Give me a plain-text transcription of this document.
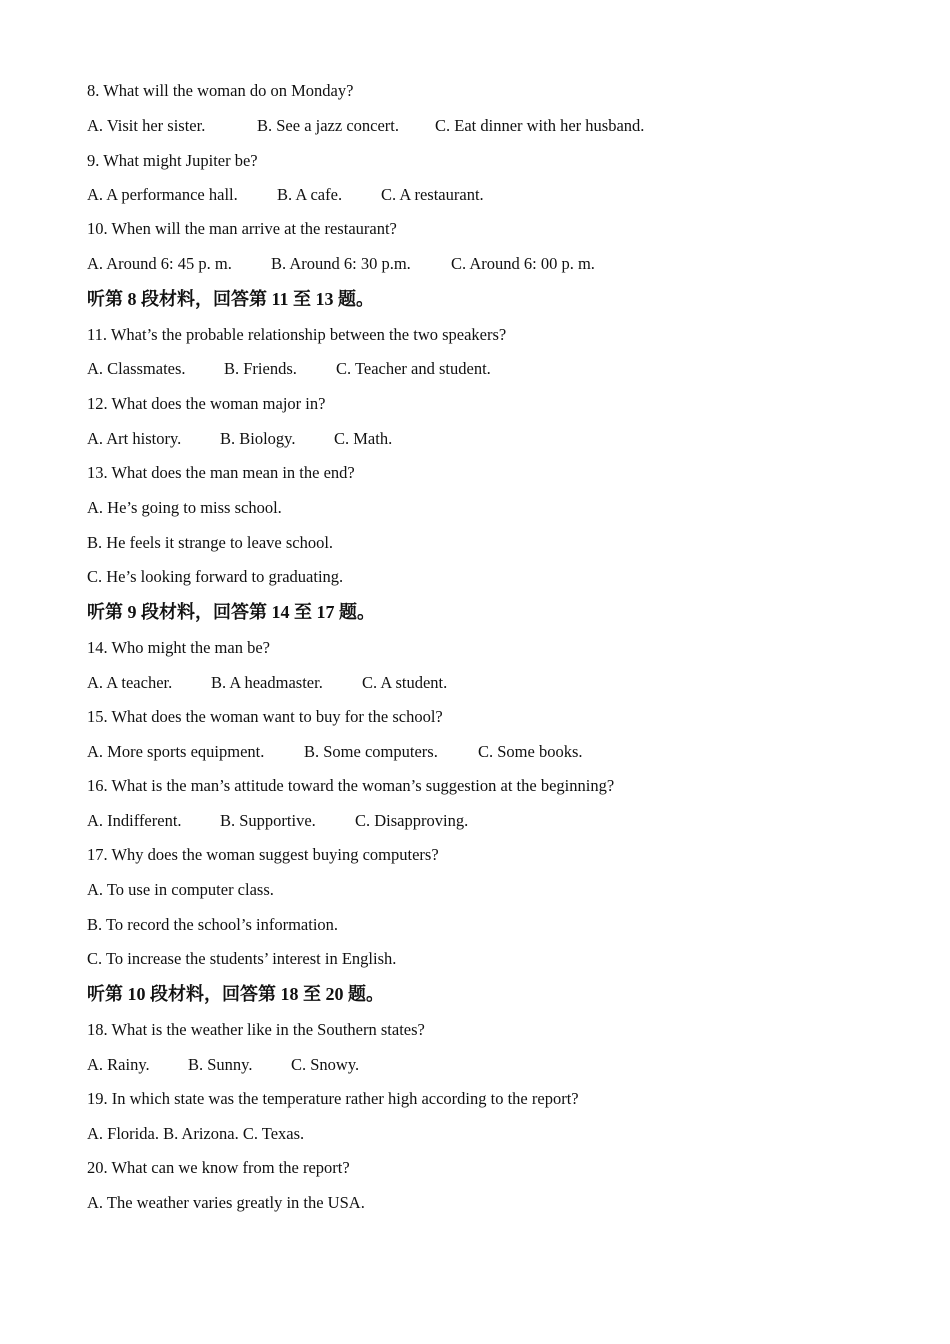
8. What will the woman do on Monday?
A. Visit her sister.	B. See a jazz concert. C. Eat dinner with her husband.
9. What might Jupiter be?
A. A performance hall. B. A cafe. C. A restaurant.
10. When will the man arrive at the restaurant?
A. Around 6: 45 p. m. B. Around 6: 30 p.m. C. Around 6: 00 p. m.
听第 8 段材料，回答第 11 至 13 题。
11. What’s the probable relationship between the two speakers?
A. Classmates. B. Friends. C. Teacher and student.
12. What does the woman major in?
A. Art history. B. Biology. C. Math.
13. What does the man mean in the end?
A. He’s going to miss school.
B. He feels it strange to leave school.
C. He’s looking forward to graduating.
听第 9 段材料，回答第 14 至 17 题。
14. Who might the man be?
A. A teacher. B. A headmaster. C. A student.
15. What does the woman want to buy for the school?
A. More sports equipment. B. Some computers. C. Some books.
16. What is the man’s attitude toward the woman’s suggestion at the beginning?
A. Indifferent. B. Supportive. C. Disapproving.
17. Why does the woman suggest buying computers?
A. To use in computer class.
B. To record the school’s information.
C. To increase the students’ interest in English.
听第 10 段材料，回答第 18 至 20 题。
18. What is the weather like in the Southern states?
A. Rainy. B. Sunny. C. Snowy.
19. In which state was the temperature rather high according to the report?
A. Florida. B. Arizona. C. Texas.
20. What can we know from the report?
A. The weather varies greatly in the USA.
